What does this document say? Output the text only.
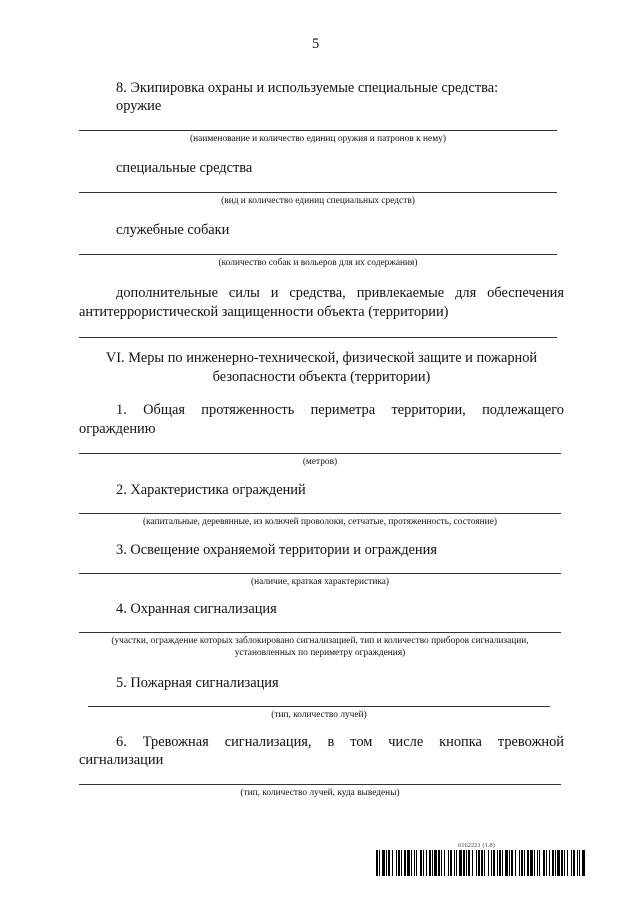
5
8. Экипировка охраны и используемые специальные средства:
оружие
(наименование и количество единиц оружия и патронов к нему)
специальные средства
(вид и количество единиц специальных средств)
служебные собаки
(количество собак и вольеров для их содержания)
дополнительные силы и средства, привлекаемые для обеспечения
антитеррористической защищенности объекта (территории)
VI. Меры по инженерно-технической, физической защите и пожарной
безопасности объекта (территории)
1. Общая протяженность периметра территории, подлежащего
ограждению
(метров)
2. Характеристика ограждений
(капитальные, деревянные, из колючей проволоки, сетчатые, протяженность, состояние)
3. Освещение охраняемой территории и ограждения
(наличие, краткая характеристика)
4. Охранная сигнализация
(участки, ограждение которых заблокировано сигнализацией, тип и количество приборов сигнализации,
установленных по периметру ограждения)
5. Пожарная сигнализация
(тип, количество лучей)
6. Тревожная сигнализация, в том числе кнопка тревожной
сигнализации
(тип, количество лучей, куда выведены)
6162221 (1.8)
